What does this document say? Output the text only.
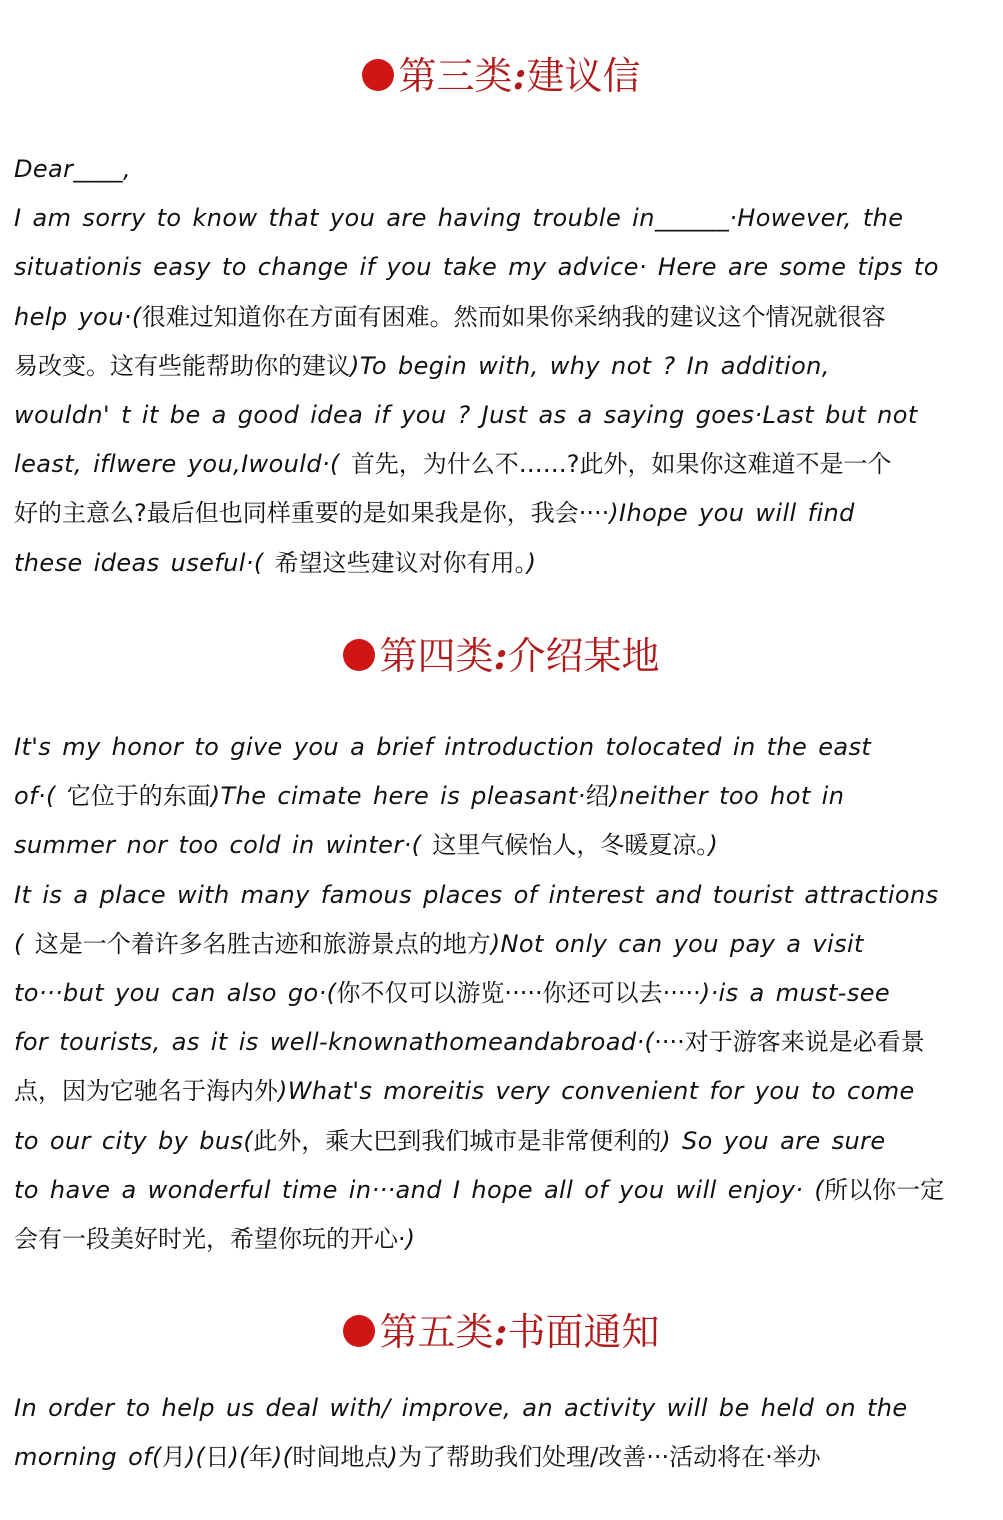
第三类:建议信
Dear____,
I am sorry to know that you are having trouble in______·However, the
situationis easy to change if you take my advice· Here are some tips to
help you·(很难过知道你在方面有困难。然而如果你采纳我的建议这个情况就很容
易改变。这有些能帮助你的建议)To begin with, why not ? In addition,
wouldn' t it be a good idea if you ? Just as a saying goes·Last but not
least, iflwere you,Iwould·( 首先，为什么不……?此外，如果你这难道不是一个
好的主意么?最后但也同样重要的是如果我是你，我会····)Ihope you will find
these ideas useful·( 希望这些建议对你有用。)
第四类:介绍某地
It's my honor to give you a brief introduction tolocated in the east
of·( 它位于的东面)The cimate here is pleasant·绍)neither too hot in
summer nor too cold in winter·( 这里气候怡人，冬暖夏凉。)
It is a place with many famous places of interest and tourist attractions
( 这是一个着许多名胜古迹和旅游景点的地方)Not only can you pay a visit
to···but you can also go·(你不仅可以游览·····你还可以去·····)·is a must-see
for tourists, as it is well-knownathomeandabroad·(····对于游客来说是必看景
点，因为它驰名于海内外)What's moreitis very convenient for you to come
to our city by bus(此外，乘大巴到我们城市是非常便利的) So you are sure
to have a wonderful time in···and I hope all of you will enjoy· (所以你一定
会有一段美好时光，希望你玩的开心·)
第五类:书面通知
In order to help us deal with/ improve, an activity will be held on the
morning of(月)(日)(年)(时间地点)为了帮助我们处理/改善···活动将在·举办
